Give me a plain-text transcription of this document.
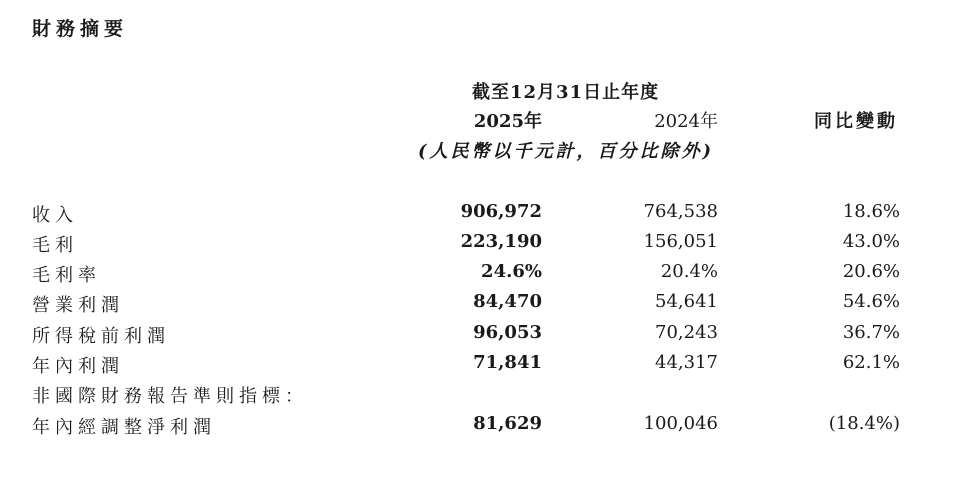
財務摘要
截至12月31日止年度
2025年	2024年	同比變動
(人民幣以千元計，百分比除外)
收入	906,972	764,538	18.6%
毛利	223,190	156,051	43.0%
毛利率	24.6%	20.4%	20.6%
營業利潤	84,470	54,641	54.6%
所得稅前利潤	96,053	70,243	36.7%
年內利潤	71,841	44,317	62.1%
非國際財務報告準則指標：
年內經調整淨利潤	81,629	100,046	(18.4%)
